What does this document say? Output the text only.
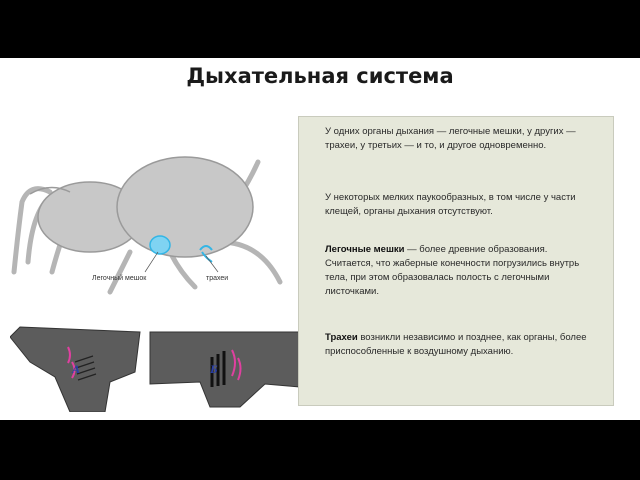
Дыхательная система
Легочный мешок	трахеи
А	Б
У одних органы дыхания — легочные мешки, у других — трахеи, у третьих — и то, и другое одновременно.
У некоторых мелких паукообразных, в том числе у части клещей, органы дыхания отсутствуют.
Легочные мешки — более древние образования. Считается, что жаберные конечности погрузились внутрь тела, при этом образовалась полость с легочными листочками.
Трахеи возникли независимо и позднее, как органы, более приспособленные к воздушному дыханию.
